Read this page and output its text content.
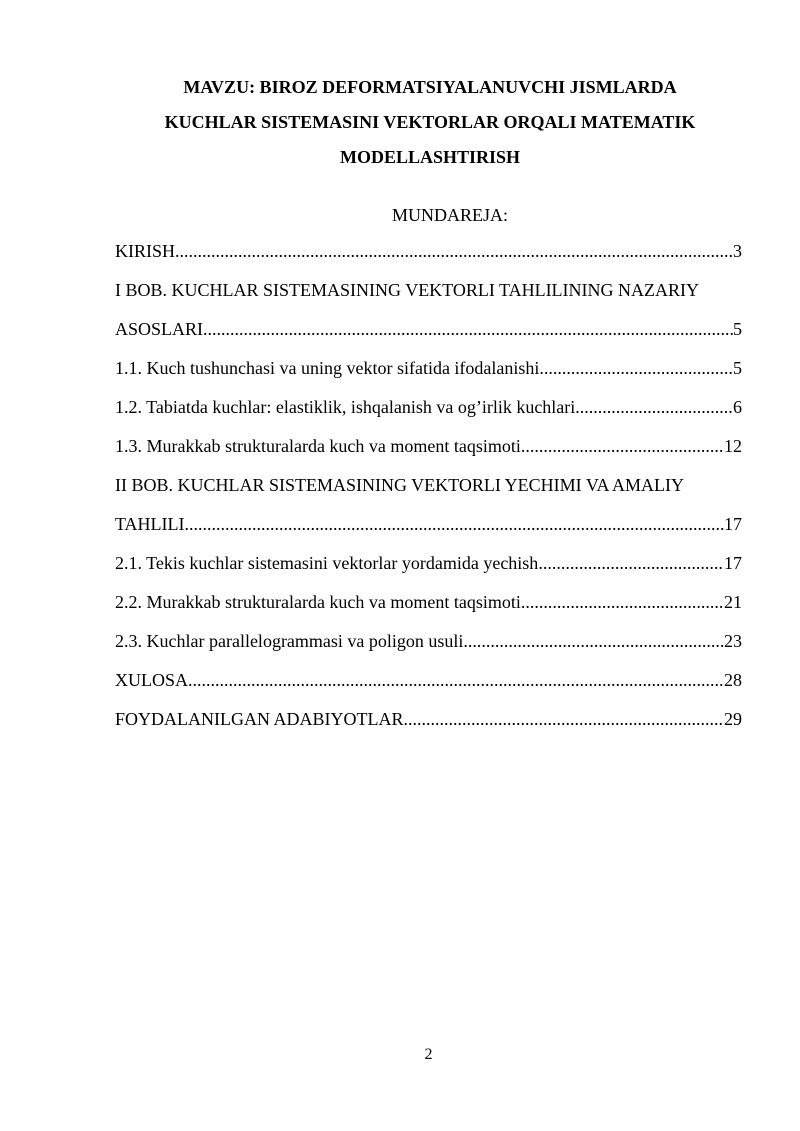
MAVZU: BIROZ DEFORMATSIYALANUVCHI JISMLARDA
KUCHLAR SISTEMASINI VEKTORLAR ORQALI MATEMATIK
MODELLASHTIRISH
MUNDAREJA:
KIRISH .....	3
I BOB. KUCHLAR SISTEMASINING VEKTORLI TAHLILINING NAZARIY
ASOSLARI .....	5
1.1. Kuch tushunchasi va uning vektor sifatida ifodalanishi .....	5
1.2. Tabiatda kuchlar: elastiklik, ishqalanish va og’irlik kuchlari .....	6
1.3. Murakkab strukturalarda kuch va moment taqsimoti .....	12
II BOB. KUCHLAR SISTEMASINING VEKTORLI YECHIMI VA AMALIY
TAHLILI .....	17
2.1. Tekis kuchlar sistemasini vektorlar yordamida yechish .....	17
2.2. Murakkab strukturalarda kuch va moment taqsimoti .....	21
2.3. Kuchlar parallelogrammasi va poligon usuli .....	23
XULOSA .....	28
FOYDALANILGAN ADABIYOTLAR .....	29
2
